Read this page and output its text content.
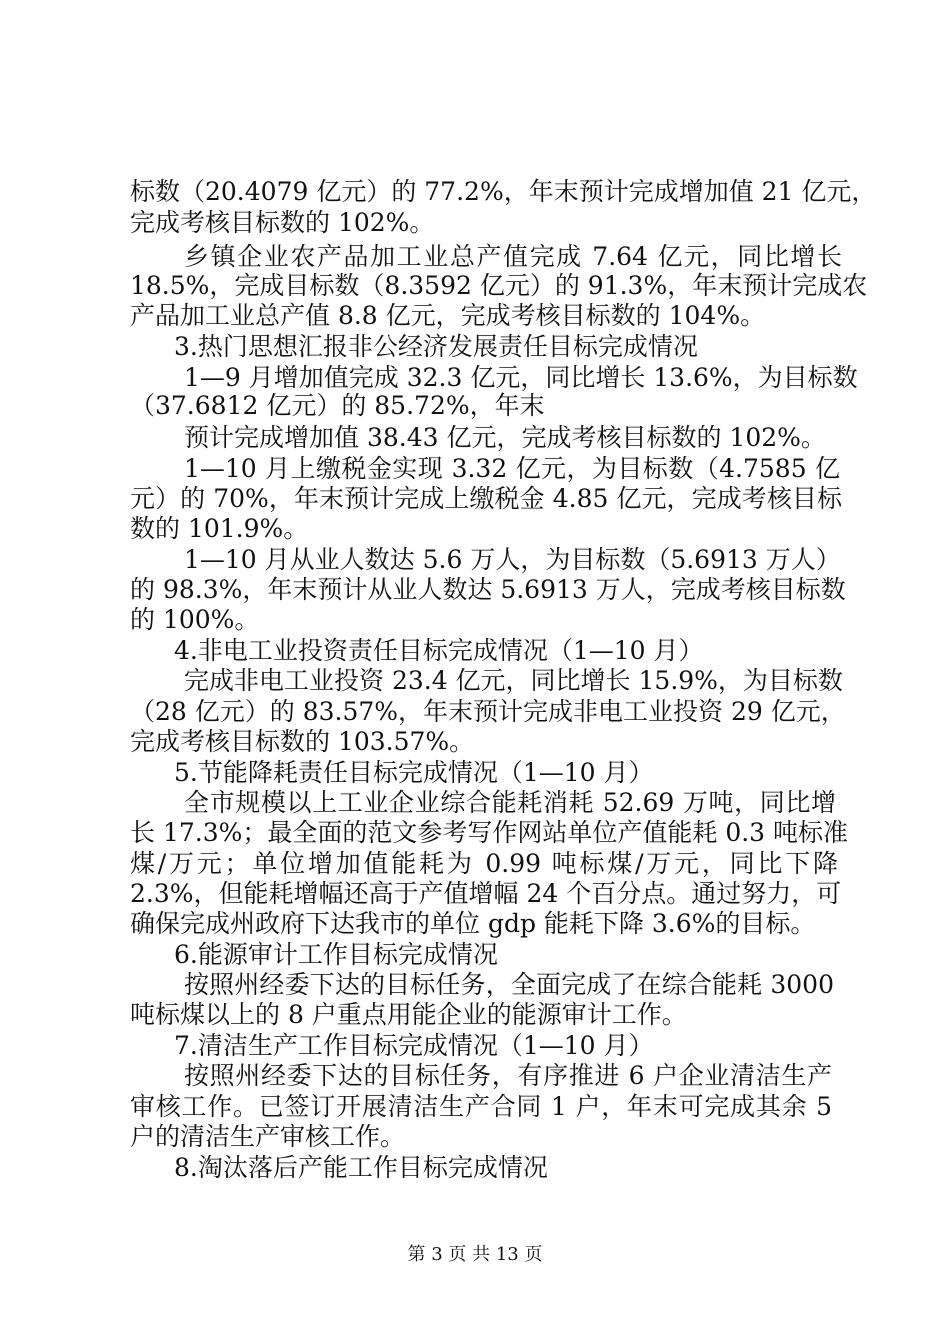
标数（20.4079 亿元）的 77.2%，年末预计完成增加值 21 亿元，
完成考核目标数的 102%。
乡镇企业农产品加工业总产值完成 7.64 亿元，同比增长
18.5%，完成目标数（8.3592 亿元）的 91.3%，年末预计完成农
产品加工业总产值 8.8 亿元，完成考核目标数的 104%。
3.热门思想汇报非公经济发展责任目标完成情况
1—9 月增加值完成 32.3 亿元，同比增长 13.6%，为目标数
（37.6812 亿元）的 85.72%，年末
预计完成增加值 38.43 亿元，完成考核目标数的 102%。
1—10 月上缴税金实现 3.32 亿元，为目标数（4.7585 亿
元）的 70%，年末预计完成上缴税金 4.85 亿元，完成考核目标
数的 101.9%。
1—10 月从业人数达 5.6 万人，为目标数（5.6913 万人）
的 98.3%，年末预计从业人数达 5.6913 万人，完成考核目标数
的 100%。
4.非电工业投资责任目标完成情况（1—10 月）
完成非电工业投资 23.4 亿元，同比增长 15.9%，为目标数
（28 亿元）的 83.57%，年末预计完成非电工业投资 29 亿元，
完成考核目标数的 103.57%。
5.节能降耗责任目标完成情况（1—10 月）
全市规模以上工业企业综合能耗消耗 52.69 万吨，同比增
长 17.3%；最全面的范文参考写作网站单位产值能耗 0.3 吨标准
煤/万元；单位增加值能耗为 0.99 吨标煤/万元，同比下降
2.3%，但能耗增幅还高于产值增幅 24 个百分点。通过努力，可
确保完成州政府下达我市的单位 gdp 能耗下降 3.6%的目标。
6.能源审计工作目标完成情况
按照州经委下达的目标任务，全面完成了在综合能耗 3000
吨标煤以上的 8 户重点用能企业的能源审计工作。
7.清洁生产工作目标完成情况（1—10 月）
按照州经委下达的目标任务，有序推进 6 户企业清洁生产
审核工作。已签订开展清洁生产合同 1 户，年末可完成其余 5
户的清洁生产审核工作。
8.淘汰落后产能工作目标完成情况
第 3 页 共 13 页
